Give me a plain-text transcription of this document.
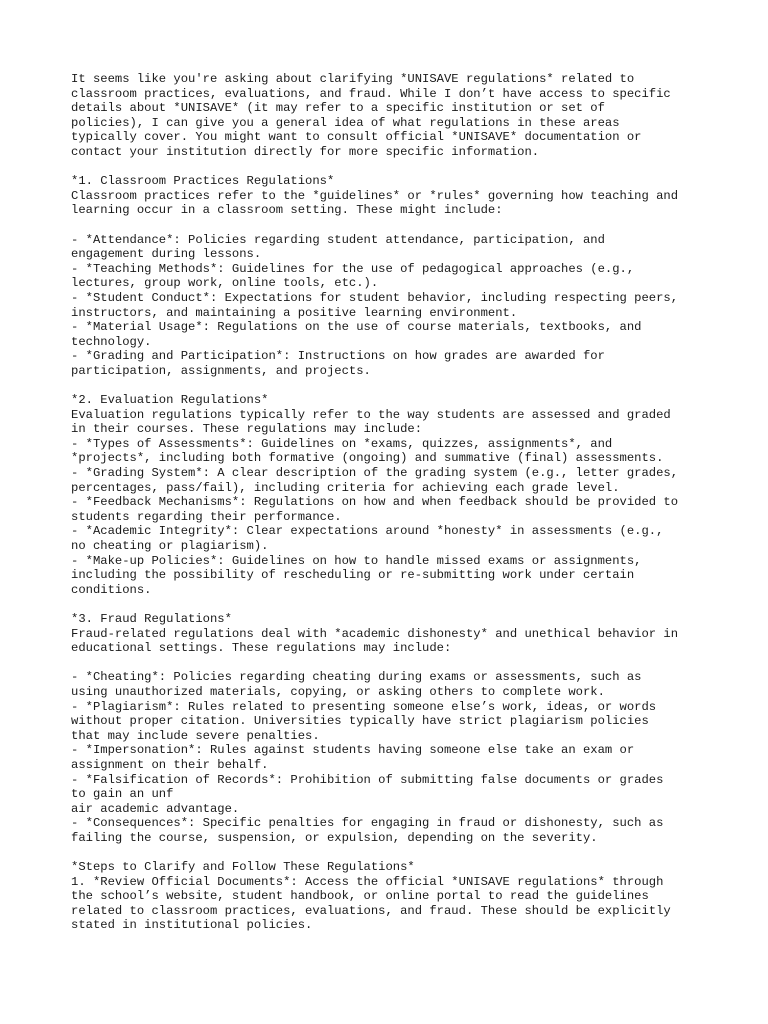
It seems like you're asking about clarifying *UNISAVE regulations* related to
classroom practices, evaluations, and fraud. While I don’t have access to specific
details about *UNISAVE* (it may refer to a specific institution or set of
policies), I can give you a general idea of what regulations in these areas
typically cover. You might want to consult official *UNISAVE* documentation or
contact your institution directly for more specific information.
*1. Classroom Practices Regulations*
Classroom practices refer to the *guidelines* or *rules* governing how teaching and
learning occur in a classroom setting. These might include:
- *Attendance*: Policies regarding student attendance, participation, and
engagement during lessons.
- *Teaching Methods*: Guidelines for the use of pedagogical approaches (e.g.,
lectures, group work, online tools, etc.).
- *Student Conduct*: Expectations for student behavior, including respecting peers,
instructors, and maintaining a positive learning environment.
- *Material Usage*: Regulations on the use of course materials, textbooks, and
technology.
- *Grading and Participation*: Instructions on how grades are awarded for
participation, assignments, and projects.
*2. Evaluation Regulations*
Evaluation regulations typically refer to the way students are assessed and graded
in their courses. These regulations may include:
- *Types of Assessments*: Guidelines on *exams, quizzes, assignments*, and
*projects*, including both formative (ongoing) and summative (final) assessments.
- *Grading System*: A clear description of the grading system (e.g., letter grades,
percentages, pass/fail), including criteria for achieving each grade level.
- *Feedback Mechanisms*: Regulations on how and when feedback should be provided to
students regarding their performance.
- *Academic Integrity*: Clear expectations around *honesty* in assessments (e.g.,
no cheating or plagiarism).
- *Make-up Policies*: Guidelines on how to handle missed exams or assignments,
including the possibility of rescheduling or re-submitting work under certain
conditions.
*3. Fraud Regulations*
Fraud-related regulations deal with *academic dishonesty* and unethical behavior in
educational settings. These regulations may include:
- *Cheating*: Policies regarding cheating during exams or assessments, such as
using unauthorized materials, copying, or asking others to complete work.
- *Plagiarism*: Rules related to presenting someone else’s work, ideas, or words
without proper citation. Universities typically have strict plagiarism policies
that may include severe penalties.
- *Impersonation*: Rules against students having someone else take an exam or
assignment on their behalf.
- *Falsification of Records*: Prohibition of submitting false documents or grades
to gain an unf
air academic advantage.
- *Consequences*: Specific penalties for engaging in fraud or dishonesty, such as
failing the course, suspension, or expulsion, depending on the severity.
*Steps to Clarify and Follow These Regulations*
1. *Review Official Documents*: Access the official *UNISAVE regulations* through
the school’s website, student handbook, or online portal to read the guidelines
related to classroom practices, evaluations, and fraud. These should be explicitly
stated in institutional policies.
